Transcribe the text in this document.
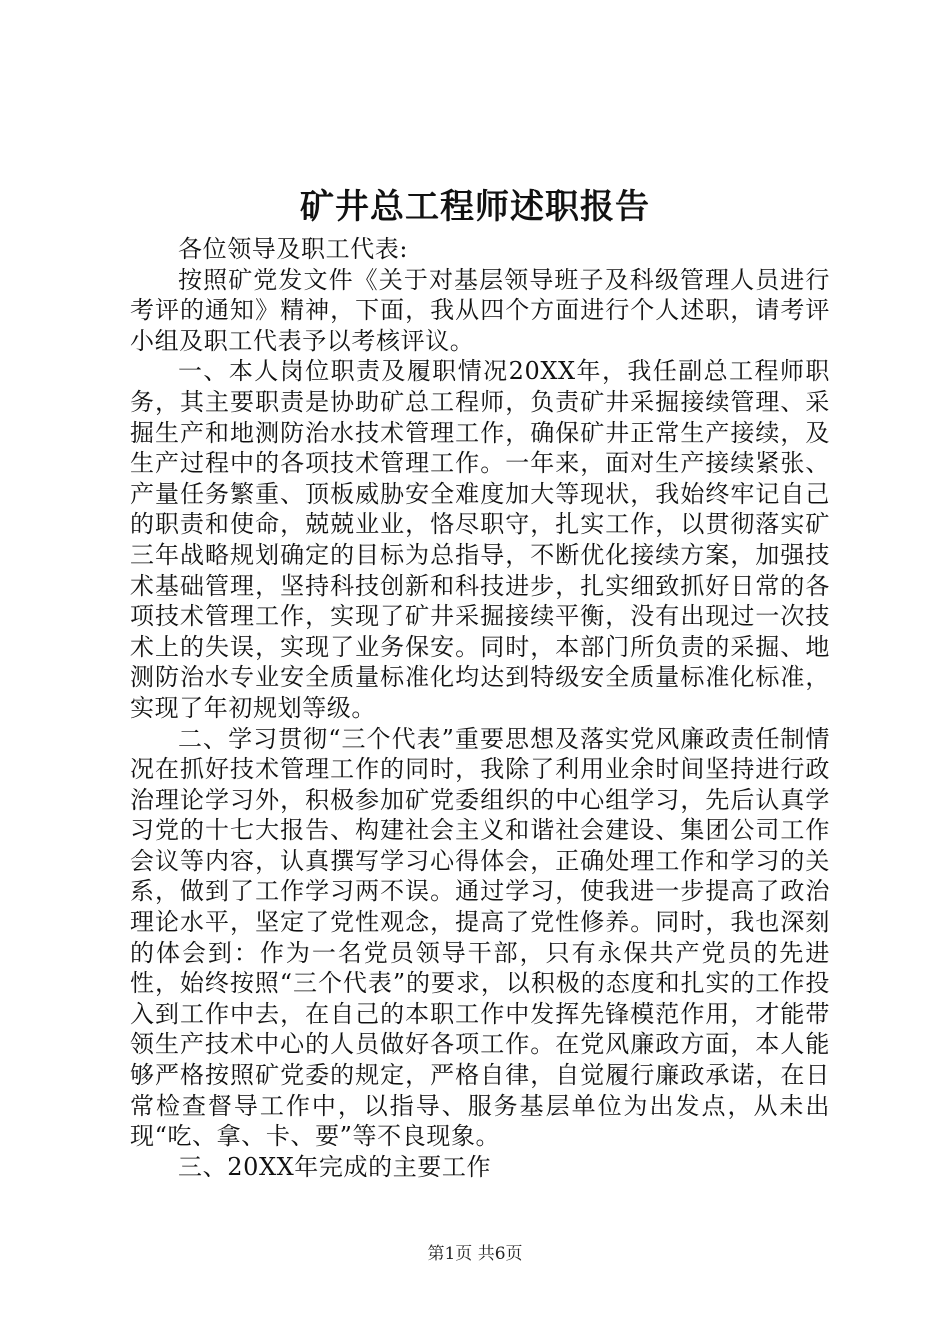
矿井总工程师述职报告

各位领导及职工代表:

按照矿党发文件《关于对基层领导班子及科级管理人员进行考评的通知》精神，下面，我从四个方面进行个人述职，请考评小组及职工代表予以考核评议。

一、本人岗位职责及履职情况20XX年，我任副总工程师职务，其主要职责是协助矿总工程师，负责矿井采掘接续管理、采掘生产和地测防治水技术管理工作，确保矿井正常生产接续，及生产过程中的各项技术管理工作。一年来，面对生产接续紧张、产量任务繁重、顶板威胁安全难度加大等现状，我始终牢记自己的职责和使命，兢兢业业，恪尽职守，扎实工作，以贯彻落实矿三年战略规划确定的目标为总指导，不断优化接续方案，加强技术基础管理，坚持科技创新和科技进步，扎实细致抓好日常的各项技术管理工作，实现了矿井采掘接续平衡，没有出现过一次技术上的失误，实现了业务保安。同时，本部门所负责的采掘、地测防治水专业安全质量标准化均达到特级安全质量标准化标准，实现了年初规划等级。

二、学习贯彻“三个代表”重要思想及落实党风廉政责任制情况在抓好技术管理工作的同时，我除了利用业余时间坚持进行政治理论学习外，积极参加矿党委组织的中心组学习，先后认真学习党的十七大报告、构建社会主义和谐社会建设、集团公司工作会议等内容，认真撰写学习心得体会，正确处理工作和学习的关系，做到了工作学习两不误。通过学习，使我进一步提高了政治理论水平，坚定了党性观念，提高了党性修养。同时，我也深刻的体会到：作为一名党员领导干部，只有永保共产党员的先进性，始终按照“三个代表”的要求，以积极的态度和扎实的工作投入到工作中去，在自己的本职工作中发挥先锋模范作用，才能带领生产技术中心的人员做好各项工作。在党风廉政方面，本人能够严格按照矿党委的规定，严格自律，自觉履行廉政承诺，在日常检查督导工作中，以指导、服务基层单位为出发点，从未出现“吃、拿、卡、要”等不良现象。

三、20XX年完成的主要工作

第1页 共6页
